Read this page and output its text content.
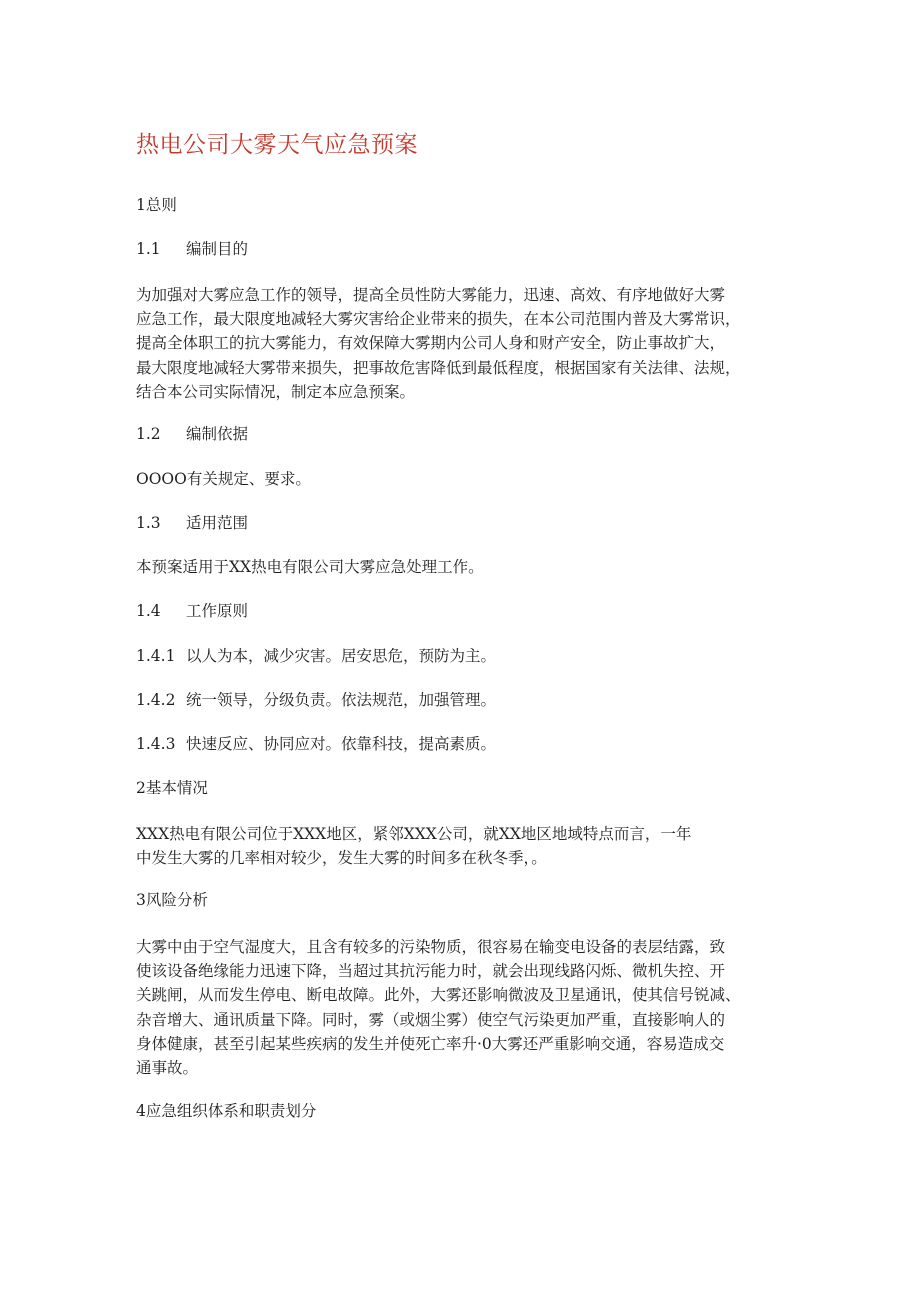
热电公司大雾天气应急预案

1总则

1.1 编制目的

为加强对大雾应急工作的领导，提高全员性防大雾能力，迅速、高效、有序地做好大雾
应急工作，最大限度地减轻大雾灾害给企业带来的损失，在本公司范围内普及大雾常识，
提高全体职工的抗大雾能力，有效保障大雾期内公司人身和财产安全，防止事故扩大，
最大限度地减轻大雾带来损失，把事故危害降低到最低程度，根据国家有关法律、法规，
结合本公司实际情况，制定本应急预案。

1.2 编制依据

OOOO有关规定、要求。

1.3 适用范围

本预案适用于XX热电有限公司大雾应急处理工作。

1.4 工作原则

1.4.1 以人为本，减少灾害。居安思危，预防为主。

1.4.2 统一领导，分级负责。依法规范，加强管理。

1.4.3 快速反应、协同应对。依靠科技，提高素质。

2基本情况

XXX热电有限公司位于XXX地区，紧邻XXX公司，就XX地区地域特点而言，一年
中发生大雾的几率相对较少，发生大雾的时间多在秋冬季，。

3风险分析

大雾中由于空气湿度大，且含有较多的污染物质，很容易在输变电设备的表层结露，致
使该设备绝缘能力迅速下降，当超过其抗污能力时，就会出现线路闪烁、微机失控、开
关跳闸，从而发生停电、断电故障。此外，大雾还影响微波及卫星通讯，使其信号锐减、
杂音增大、通讯质量下降。同时，雾（或烟尘雾）使空气污染更加严重，直接影响人的
身体健康，甚至引起某些疾病的发生并使死亡率升·0大雾还严重影响交通，容易造成交
通事故。

4应急组织体系和职责划分
